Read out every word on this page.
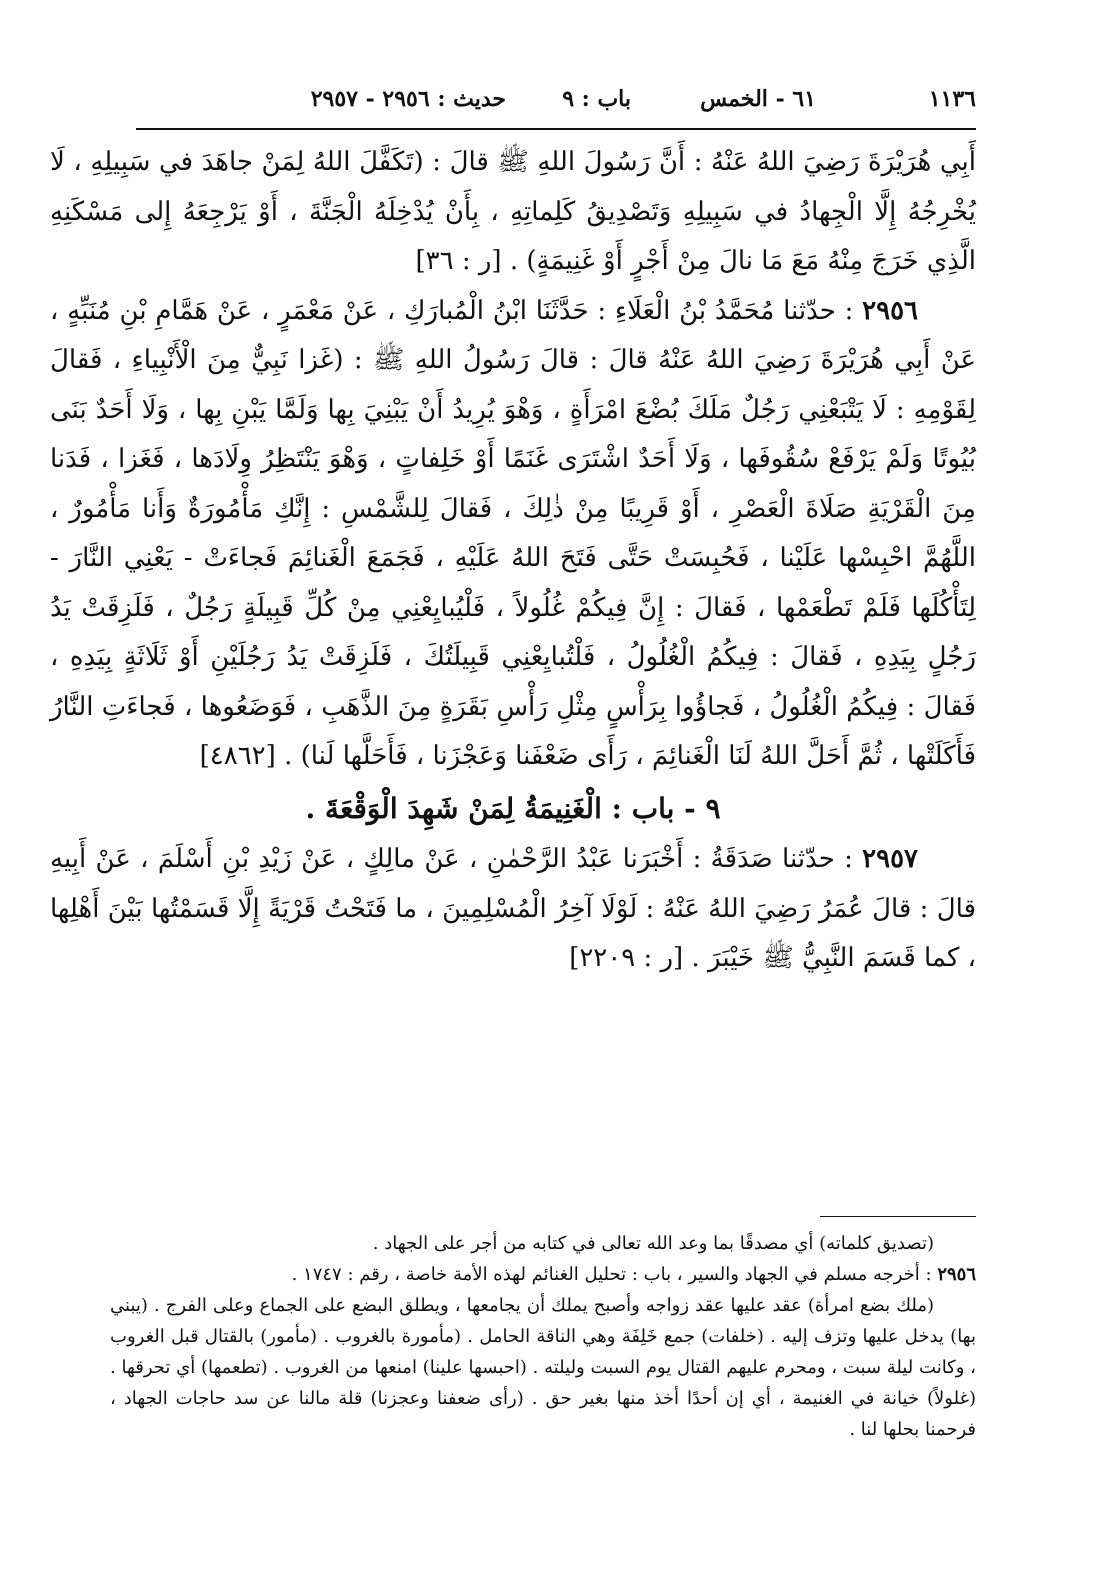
١١٣٦
٦١ - الخمس
باب : ٩
حديث : ٢٩٥٦ - ٢٩٥٧

أَبِي هُرَيْرَةَ رَضِيَ اللهُ عَنْهُ : أَنَّ رَسُولَ اللهِ ﷺ قالَ : (تَكَفَّلَ اللهُ لِمَنْ جاهَدَ في سَبِيلِهِ ، لَا يُخْرِجُهُ إِلَّا الْجِهادُ في سَبِيلِهِ وَتَصْدِيقُ كَلِماتِهِ ، بِأَنْ يُدْخِلَهُ الْجَنَّةَ ، أَوْ يَرْجِعَهُ إِلى مَسْكَنِهِ الَّذِي خَرَجَ مِنْهُ مَعَ مَا نالَ مِنْ أَجْرٍ أَوْ غَنِيمَةٍ) . [ر : ٣٦]

٢٩٥٦ : حدّثنا مُحَمَّدُ بْنُ الْعَلَاءِ : حَدَّثَنَا ابْنُ الْمُبارَكِ ، عَنْ مَعْمَرٍ ، عَنْ هَمَّامِ بْنِ مُنَبِّهٍ ، عَنْ أَبِي هُرَيْرَةَ رَضِيَ اللهُ عَنْهُ قالَ : قالَ رَسُولُ اللهِ ﷺ : (غَزا نَبِيٌّ مِنَ الْأَنْبِياءِ ، فَقالَ لِقَوْمِهِ : لَا يَتْبَعْنِي رَجُلٌ مَلَكَ بُضْعَ امْرَأَةٍ ، وَهْوَ يُرِيدُ أَنْ يَبْنِيَ بِها وَلَمَّا يَبْنِ بِها ، وَلَا أَحَدٌ بَنَى بُيُوتًا وَلَمْ يَرْفَعْ سُقُوفَها ، وَلَا أَحَدٌ اشْتَرَى غَنَمًا أَوْ خَلِفاتٍ ، وَهْوَ يَنْتَظِرُ وِلَادَها ، فَغَزا ، فَدَنا مِنَ الْقَرْيَةِ صَلَاةَ الْعَصْرِ ، أَوْ قَرِيبًا مِنْ ذٰلِكَ ، فَقالَ لِلشَّمْسِ : إِنَّكِ مَأْمُورَةٌ وَأَنا مَأْمُورٌ ، اللَّهُمَّ احْبِسْها عَلَيْنا ، فَحُبِسَتْ حَتَّى فَتَحَ اللهُ عَلَيْهِ ، فَجَمَعَ الْغَنائِمَ فَجاءَتْ - يَعْنِي النَّارَ - لِتَأْكُلَها فَلَمْ تَطْعَمْها ، فَقالَ : إِنَّ فِيكُمْ غُلُولاً ، فَلْيُبايِعْنِي مِنْ كُلِّ قَبِيلَةٍ رَجُلٌ ، فَلَزِقَتْ يَدُ رَجُلٍ بِيَدِهِ ، فَقالَ : فِيكُمُ الْغُلُولُ ، فَلْتُبايِعْنِي قَبِيلَتُكَ ، فَلَزِقَتْ يَدُ رَجُلَيْنِ أَوْ ثَلَاثَةٍ بِيَدِهِ ، فَقالَ : فِيكُمُ الْغُلُولُ ، فَجاؤُوا بِرَأْسٍ مِثْلِ رَأْسِ بَقَرَةٍ مِنَ الذَّهَبِ ، فَوَضَعُوها ، فَجاءَتِ النَّارُ فَأَكَلَتْها ، ثُمَّ أَحَلَّ اللهُ لَنَا الْغَنائِمَ ، رَأَى ضَعْفَنا وَعَجْزَنا ، فَأَحَلَّها لَنا) . [٤٨٦٢]

٩ - باب : الْغَنِيمَةُ لِمَنْ شَهِدَ الْوَقْعَةَ .

٢٩٥٧ : حدّثنا صَدَقَةُ : أَخْبَرَنا عَبْدُ الرَّحْمٰنِ ، عَنْ مالِكٍ ، عَنْ زَيْدِ بْنِ أَسْلَمَ ، عَنْ أَبِيهِ قالَ : قالَ عُمَرُ رَضِيَ اللهُ عَنْهُ : لَوْلَا آخِرُ الْمُسْلِمِينَ ، ما فَتَحْتُ قَرْيَةً إِلَّا قَسَمْتُها بَيْنَ أَهْلِها ، كما قَسَمَ النَّبِيُّ ﷺ خَيْبَرَ . [ر : ٢٢٠٩]

(تصديق كلماته) أي مصدقًا بما وعد الله تعالى في كتابه من أجر على الجهاد .

٢٩٥٦ : أخرجه مسلم في الجهاد والسير ، باب : تحليل الغنائم لهذه الأمة خاصة ، رقم : ١٧٤٧ .

(ملك بضع امرأة) عقد عليها عقد زواجه وأصبح يملك أن يجامعها ، ويطلق البضع على الجماع وعلى الفرج . (يبني بها) يدخل عليها وتزف إليه . (خلفات) جمع خَلِفَة وهي الناقة الحامل . (مأمورة بالغروب . (مأمور) بالقتال قبل الغروب ، وكانت ليلة سبت ، ومحرم عليهم القتال يوم السبت وليلته . (احبسها علينا) امنعها من الغروب . (تطعمها) أي تحرقها . (غلولاً) خيانة في الغنيمة ، أي إن أحدًا أخذ منها بغير حق . (رأى ضعفنا وعجزنا) قلة مالنا عن سد حاجات الجهاد ، فرحمنا بحلها لنا .
